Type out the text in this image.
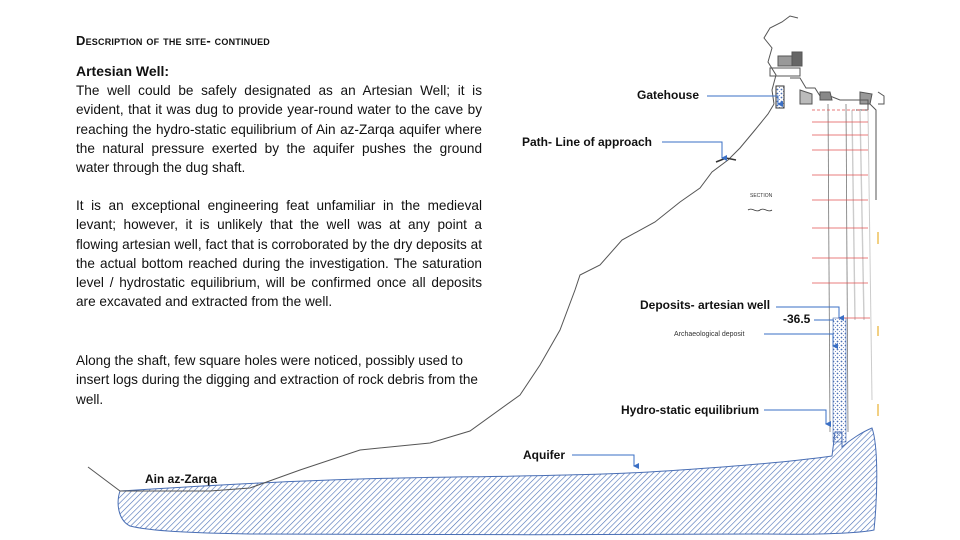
Description of the site- continued
Artesian Well:

The well could be safely designated as an Artesian Well; it is evident, that it was dug to provide year-round water to the cave by reaching the hydro-static equilibrium of Ain az-Zarqa aquifer where the natural pressure exerted by the aquifer pushes the ground water through the dug shaft.

It is an exceptional engineering feat unfamiliar in the medieval levant; however, it is unlikely that the well was at any point a flowing artesian well, fact that is corroborated by the dry deposits at the actual bottom reached during the investigation. The saturation level / hydrostatic equilibrium, will be confirmed once all deposits are excavated and extracted from the well.

Along the shaft, few square holes were noticed, possibly used to insert logs during the digging and extraction of rock debris from the well.

Gatehouse
Path- Line of approach
SECTION
Deposits- artesian well
-36.5
Archaeological deposit
Hydro-static equilibrium
Aquifer
Ain az-Zarqa
